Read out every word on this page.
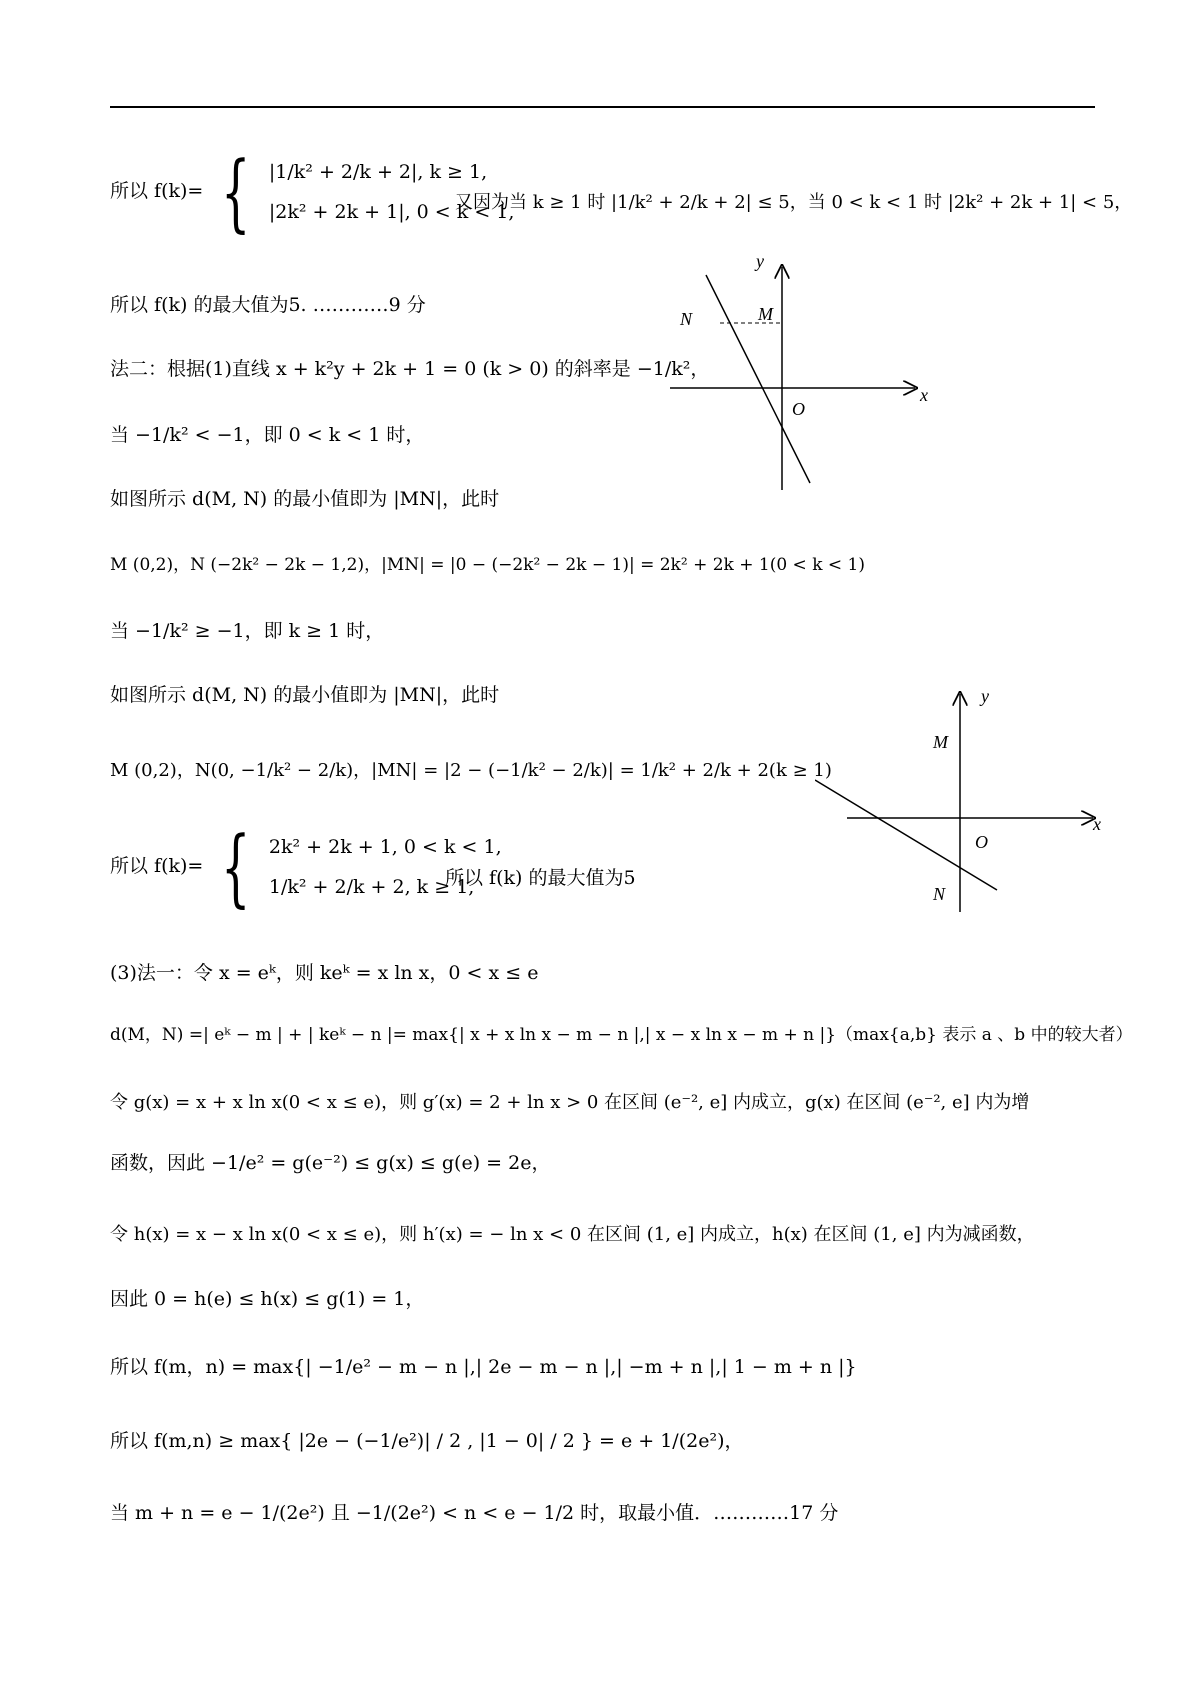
所以 f(k)= { |1/k² + 2/k + 2|, k ≥ 1,
|2k² + 2k + 1|, 0 < k < 1,
又因为当 k ≥ 1 时 |1/k² + 2/k + 2| ≤ 5，当 0 < k < 1 时 |2k² + 2k + 1| < 5，
所以 f(k) 的最大值为5. …………9 分
法二：根据(1)直线 x + k²y + 2k + 1 = 0 (k > 0) 的斜率是 −1/k²，
当 −1/k² < −1，即 0 < k < 1 时，
如图所示 d(M, N) 的最小值即为 |MN|，此时
M (0,2)，N (−2k² − 2k − 1,2)，|MN| = |0 − (−2k² − 2k − 1)| = 2k² + 2k + 1(0 < k < 1)
当 −1/k² ≥ −1，即 k ≥ 1 时，
如图所示 d(M, N) 的最小值即为 |MN|，此时
M (0,2)，N(0, −1/k² − 2/k)，|MN| = |2 − (−1/k² − 2/k)| = 1/k² + 2/k + 2(k ≥ 1)
所以 f(k)= { 2k² + 2k + 1, 0 < k < 1,
1/k² + 2/k + 2, k ≥ 1,
所以 f(k) 的最大值为5
(3)法一：令 x = eᵏ，则 keᵏ = x ln x，0 < x ≤ e
d(M，N) =| eᵏ − m | + | keᵏ − n |= max{| x + x ln x − m − n |,| x − x ln x − m + n |}（max{a,b} 表示 a 、b 中的较大者）
令 g(x) = x + x ln x(0 < x ≤ e)，则 g′(x) = 2 + ln x > 0 在区间 (e⁻², e] 内成立，g(x) 在区间 (e⁻², e] 内为增
函数，因此 −1/e² = g(e⁻²) ≤ g(x) ≤ g(e) = 2e，
令 h(x) = x − x ln x(0 < x ≤ e)，则 h′(x) = − ln x < 0 在区间 (1, e] 内成立，h(x) 在区间 (1, e] 内为减函数，
因此 0 = h(e) ≤ h(x) ≤ g(1) = 1，
所以 f(m，n) = max{| −1/e² − m − n |,| 2e − m − n |,| −m + n |,| 1 − m + n |}
所以 f(m,n) ≥ max{ |2e − (−1/e²)| / 2 , |1 − 0| / 2 } = e + 1/(2e²)，
当 m + n = e − 1/(2e²) 且 −1/(2e²) < n < e − 1/2 时，取最小值．…………17 分
y
x
O
M
N
y
x
O
M
N
